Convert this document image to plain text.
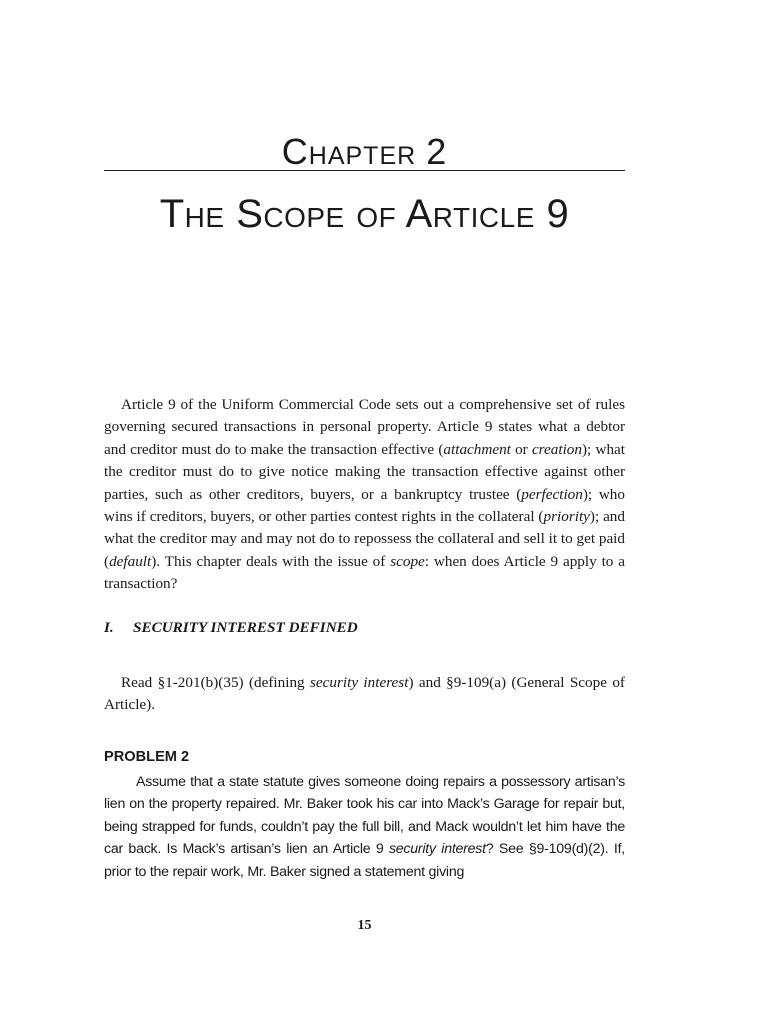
Chapter 2
The Scope of Article 9

Article 9 of the Uniform Commercial Code sets out a comprehensive set of rules governing secured transactions in personal property. Article 9 states what a debtor and creditor must do to make the transaction effective (attachment or creation); what the creditor must do to give notice making the transaction effective against other parties, such as other creditors, buyers, or a bankruptcy trustee (perfection); who wins if creditors, buyers, or other parties contest rights in the collateral (priority); and what the creditor may and may not do to repossess the collateral and sell it to get paid (default). This chapter deals with the issue of scope: when does Article 9 apply to a transaction?

I. SECURITY INTEREST DEFINED

Read §1-201(b)(35) (defining security interest) and §9-109(a) (General Scope of Article).

PROBLEM 2

Assume that a state statute gives someone doing repairs a possessory artisan’s lien on the property repaired. Mr. Baker took his car into Mack’s Garage for repair but, being strapped for funds, couldn’t pay the full bill, and Mack wouldn’t let him have the car back. Is Mack’s artisan’s lien an Article 9 security interest? See §9-109(d)(2). If, prior to the repair work, Mr. Baker signed a statement giving

15
